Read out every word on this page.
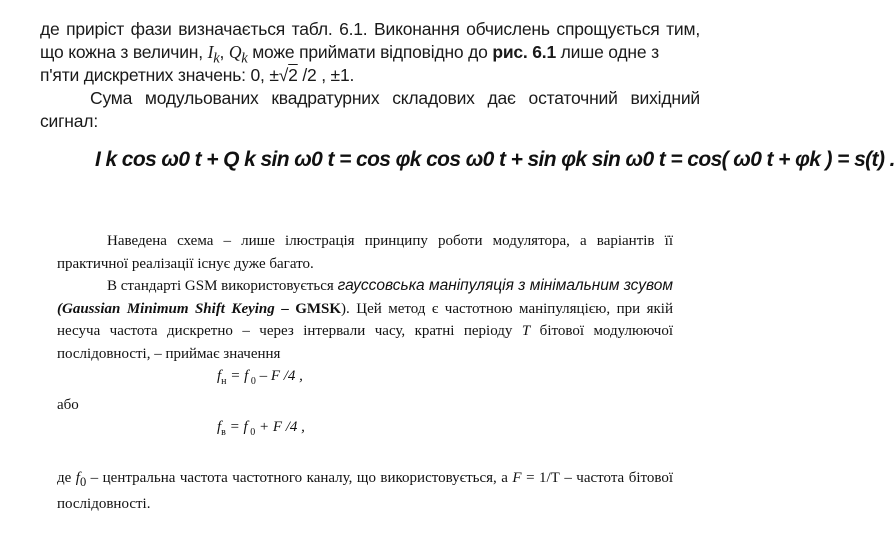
де приріст фази визначається табл. 6.1. Виконання обчислень спрощується тим,
що кожна з величин, $I_k$, $Q_k$ може приймати відповідно до рис. 6.1 лише одне з
п'яти дискретних значень: 0, ±√2 /2 , ±1.
Сума модульованих квадратурних складових дає остаточний вихідний
сигнал:
I k cos ω0 t + Q k sin ω0 t = cos φk cos ω0 t + sin φk sin ω0 t = cos( ω0 t + φk ) = s(t) .
Наведена схема – лише ілюстрація принципу роботи модулятора, а варіантів її практичної реалізації існує дуже багато.
В стандарті GSM використовується гауссовська маніпуляція з мінімальним зсувом (Gaussian Minimum Shift Keying – GMSK). Цей метод є частотною маніпуляцією, при якій несуча частота дискретно – через інтервали часу, кратні періоду T бітової модулюючої послідовності, – приймає значення
$f_н = f$ $_0$ – F /4 ,
або
$f_в = f$ $_0$ + F /4 ,
де $f_0$ – центральна частота частотного каналу, що використовується, а F = 1/Т – частота бітової послідовності.
